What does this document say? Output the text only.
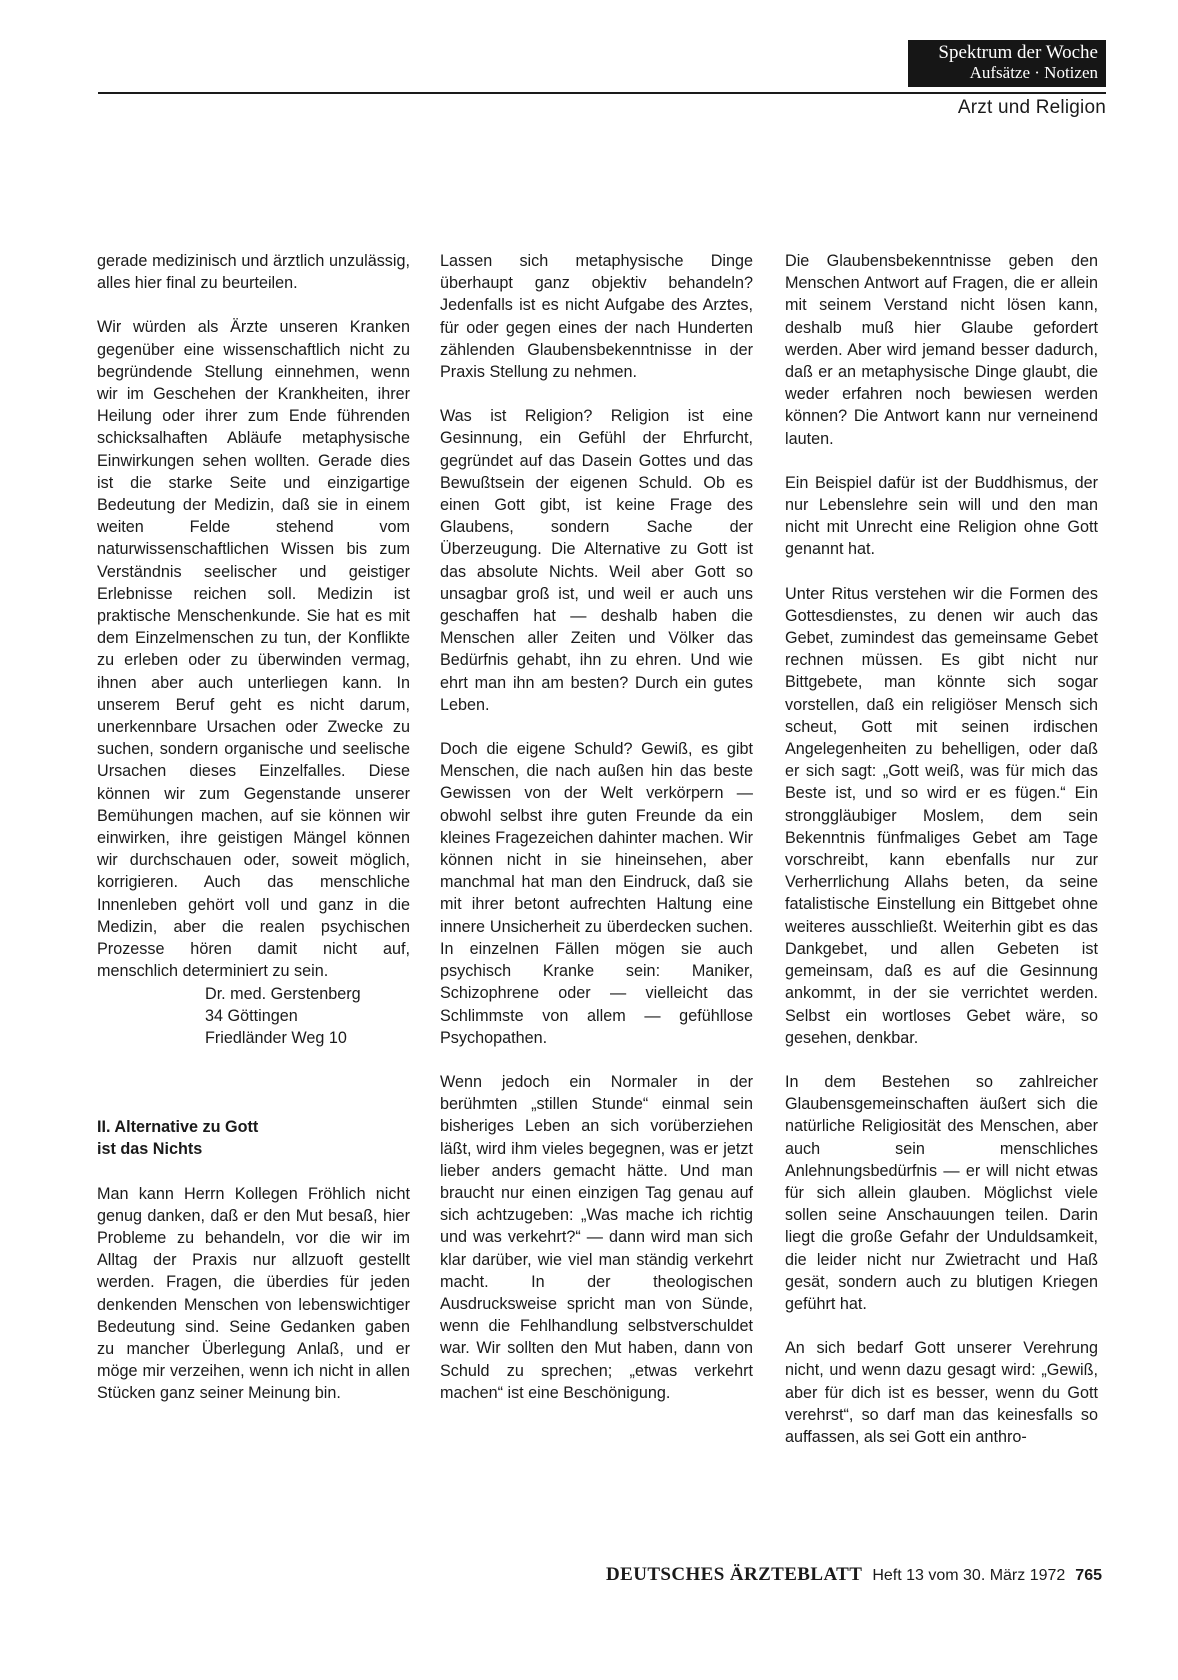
Spektrum der Woche
Aufsätze · Notizen
Arzt und Religion

gerade medizinisch und ärztlich unzulässig, alles hier final zu beurteilen.

Wir würden als Ärzte unseren Kranken gegenüber eine wissenschaftlich nicht zu begründende Stellung einnehmen, wenn wir im Geschehen der Krankheiten, ihrer Heilung oder ihrer zum Ende führenden schicksalhaften Abläufe metaphysische Einwirkungen sehen wollten. Gerade dies ist die starke Seite und einzigartige Bedeutung der Medizin, daß sie in einem weiten Felde stehend vom naturwissenschaftlichen Wissen bis zum Verständnis seelischer und geistiger Erlebnisse reichen soll. Medizin ist praktische Menschenkunde. Sie hat es mit dem Einzelmenschen zu tun, der Konflikte zu erleben oder zu überwinden vermag, ihnen aber auch unterliegen kann. In unserem Beruf geht es nicht darum, unerkennbare Ursachen oder Zwecke zu suchen, sondern organische und seelische Ursachen dieses Einzelfalles. Diese können wir zum Gegenstande unserer Bemühungen machen, auf sie können wir einwirken, ihre geistigen Mängel können wir durchschauen oder, soweit möglich, korrigieren. Auch das menschliche Innenleben gehört voll und ganz in die Medizin, aber die realen psychischen Prozesse hören damit nicht auf, menschlich determiniert zu sein.

Dr. med. Gerstenberg
34 Göttingen
Friedländer Weg 10

II. Alternative zu Gott
ist das Nichts

Man kann Herrn Kollegen Fröhlich nicht genug danken, daß er den Mut besaß, hier Probleme zu behandeln, vor die wir im Alltag der Praxis nur allzuoft gestellt werden. Fragen, die überdies für jeden denkenden Menschen von lebenswichtiger Bedeutung sind. Seine Gedanken gaben zu mancher Überlegung Anlaß, und er möge mir verzeihen, wenn ich nicht in allen Stücken ganz seiner Meinung bin.

Lassen sich metaphysische Dinge überhaupt ganz objektiv behandeln? Jedenfalls ist es nicht Aufgabe des Arztes, für oder gegen eines der nach Hunderten zählenden Glaubensbekenntnisse in der Praxis Stellung zu nehmen.

Was ist Religion? Religion ist eine Gesinnung, ein Gefühl der Ehrfurcht, gegründet auf das Dasein Gottes und das Bewußtsein der eigenen Schuld. Ob es einen Gott gibt, ist keine Frage des Glaubens, sondern Sache der Überzeugung. Die Alternative zu Gott ist das absolute Nichts. Weil aber Gott so unsagbar groß ist, und weil er auch uns geschaffen hat — deshalb haben die Menschen aller Zeiten und Völker das Bedürfnis gehabt, ihn zu ehren. Und wie ehrt man ihn am besten? Durch ein gutes Leben.

Doch die eigene Schuld? Gewiß, es gibt Menschen, die nach außen hin das beste Gewissen von der Welt verkörpern — obwohl selbst ihre guten Freunde da ein kleines Fragezeichen dahinter machen. Wir können nicht in sie hineinsehen, aber manchmal hat man den Eindruck, daß sie mit ihrer betont aufrechten Haltung eine innere Unsicherheit zu überdecken suchen. In einzelnen Fällen mögen sie auch psychisch Kranke sein: Maniker, Schizophrene oder — vielleicht das Schlimmste von allem — gefühllose Psychopathen.

Wenn jedoch ein Normaler in der berühmten „stillen Stunde“ einmal sein bisheriges Leben an sich vorüberziehen läßt, wird ihm vieles begegnen, was er jetzt lieber anders gemacht hätte. Und man braucht nur einen einzigen Tag genau auf sich achtzugeben: „Was mache ich richtig und was verkehrt?“ — dann wird man sich klar darüber, wie viel man ständig verkehrt macht. In der theologischen Ausdrucksweise spricht man von Sünde, wenn die Fehlhandlung selbstverschuldet war. Wir sollten den Mut haben, dann von Schuld zu sprechen; „etwas verkehrt machen“ ist eine Beschönigung.

Die Glaubensbekenntnisse geben den Menschen Antwort auf Fragen, die er allein mit seinem Verstand nicht lösen kann, deshalb muß hier Glaube gefordert werden. Aber wird jemand besser dadurch, daß er an metaphysische Dinge glaubt, die weder erfahren noch bewiesen werden können? Die Antwort kann nur verneinend lauten.

Ein Beispiel dafür ist der Buddhismus, der nur Lebenslehre sein will und den man nicht mit Unrecht eine Religion ohne Gott genannt hat.

Unter Ritus verstehen wir die Formen des Gottesdienstes, zu denen wir auch das Gebet, zumindest das gemeinsame Gebet rechnen müssen. Es gibt nicht nur Bittgebete, man könnte sich sogar vorstellen, daß ein religiöser Mensch sich scheut, Gott mit seinen irdischen Angelegenheiten zu behelligen, oder daß er sich sagt: „Gott weiß, was für mich das Beste ist, und so wird er es fügen.“ Ein stronggläubiger Moslem, dem sein Bekenntnis fünfmaliges Gebet am Tage vorschreibt, kann ebenfalls nur zur Verherrlichung Allahs beten, da seine fatalistische Einstellung ein Bittgebet ohne weiteres ausschließt. Weiterhin gibt es das Dankgebet, und allen Gebeten ist gemeinsam, daß es auf die Gesinnung ankommt, in der sie verrichtet werden. Selbst ein wortloses Gebet wäre, so gesehen, denkbar.

In dem Bestehen so zahlreicher Glaubensgemeinschaften äußert sich die natürliche Religiosität des Menschen, aber auch sein menschliches Anlehnungsbedürfnis — er will nicht etwas für sich allein glauben. Möglichst viele sollen seine Anschauungen teilen. Darin liegt die große Gefahr der Unduldsamkeit, die leider nicht nur Zwietracht und Haß gesät, sondern auch zu blutigen Kriegen geführt hat.

An sich bedarf Gott unserer Verehrung nicht, und wenn dazu gesagt wird: „Gewiß, aber für dich ist es besser, wenn du Gott verehrst“, so darf man das keinesfalls so auffassen, als sei Gott ein anthro-

DEUTSCHES ÄRZTEBLATT Heft 13 vom 30. März 1972 765
